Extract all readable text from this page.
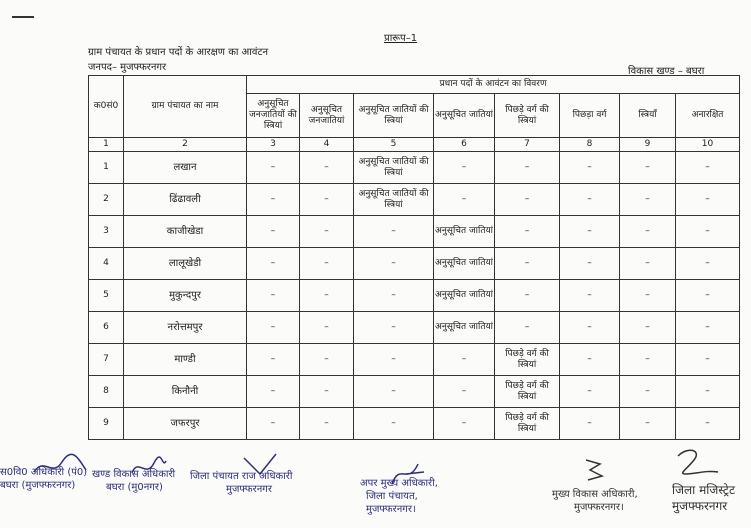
प्रारूप–1
ग्राम पंचायत के प्रधान पदों के आरक्षण का आवंटन
जनपद– मुजफ्फरनगर	विकास खण्ड – बघरा
क0सं0	ग्राम पंचायत का नाम	प्रधान पदों के आवंटन का विवरण							
		अनुसूचित जनजातियों की स्त्रियां	अनुसूचित जनजातियां	अनुसूचित जातियों की स्त्रियां	अनुसूचित जातियां	पिछड़े वर्ग की स्त्रियां	पिछड़ा वर्ग	स्त्रियॉं	अनारक्षित
1	2	3	4	5	6	7	8	9	10
1	लखान	–	–	अनुसूचित जातियों की स्त्रियां	–	–	–	–	–
2	ढिंढावली	–	–	अनुसूचित जातियों की स्त्रियां	–	–	–	–	–
3	काजीखेडा	–	–	–	अनुसूचित जातियां	–	–	–	–
4	लालूखेडी	–	–	–	अनुसूचित जातियां	–	–	–	–
5	मुकुन्दपुर	–	–	–	अनुसूचित जातियां	–	–	–	–
6	नरोत्तमपुर	–	–	–	अनुसूचित जातियां	–	–	–	–
7	माण्डी	–	–	–	–	पिछड़े वर्ग की स्त्रियां	–	–	–
8	किनौनी	–	–	–	–	पिछड़े वर्ग की स्त्रियां	–	–	–
9	जफरपुर	–	–	–	–	पिछड़े वर्ग की स्त्रियां	–	–	–
स0वि0 अधिकारी (पं0)
बघरा (मुजफ्फरनगर)
खण्ड विकास अधिकारी
बघरा (मु0नगर)
जिला पंचायत राज अधिकारी
मुजफ्फरनगर
अपर मुख्य अधिकारी,
जिला पंचायत,
मुजफ्फरनगर।
मुख्य विकास अधिकारी,
मुजफ्फरनगर।
जिला मजिस्ट्रेट
मुजफ्फरनगर
